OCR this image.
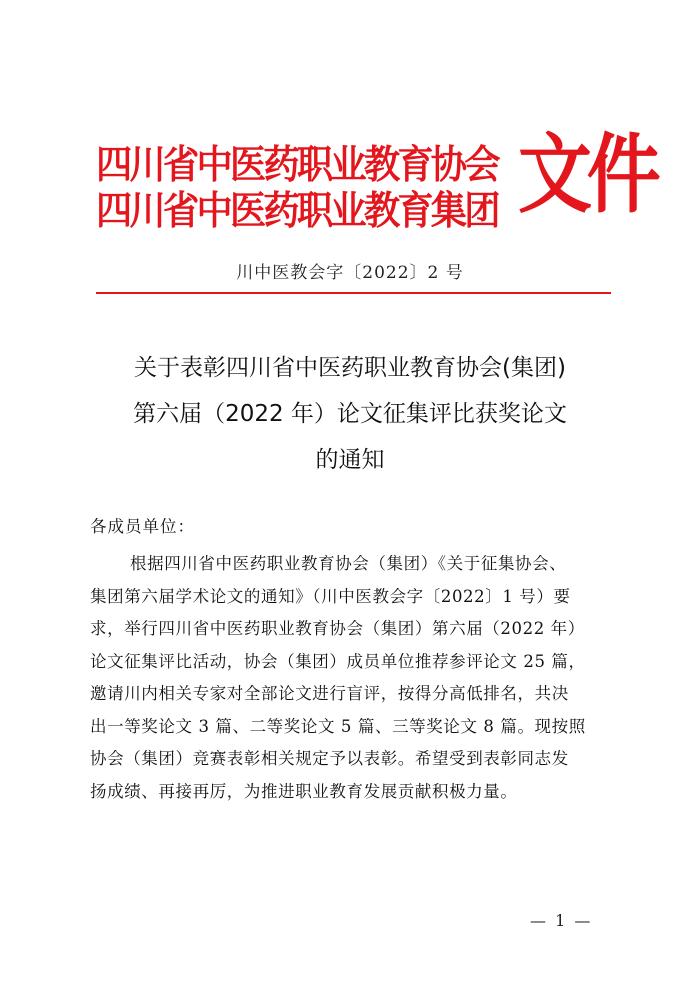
四川省中医药职业教育协会
四川省中医药职业教育集团 文件
川中医教会字〔2022〕2 号
关于表彰四川省中医药职业教育协会(集团)
第六届（2022 年）论文征集评比获奖论文
的通知
各成员单位：
根据四川省中医药职业教育协会（集团）《关于征集协会、
集团第六届学术论文的通知》（川中医教会字〔2022〕1 号）要
求，举行四川省中医药职业教育协会（集团）第六届（2022 年）
论文征集评比活动，协会（集团）成员单位推荐参评论文 25 篇，
邀请川内相关专家对全部论文进行盲评，按得分高低排名，共决
出一等奖论文 3 篇、二等奖论文 5 篇、三等奖论文 8 篇。现按照
协会（集团）竞赛表彰相关规定予以表彰。希望受到表彰同志发
扬成绩、再接再厉，为推进职业教育发展贡献积极力量。
— 1 —
